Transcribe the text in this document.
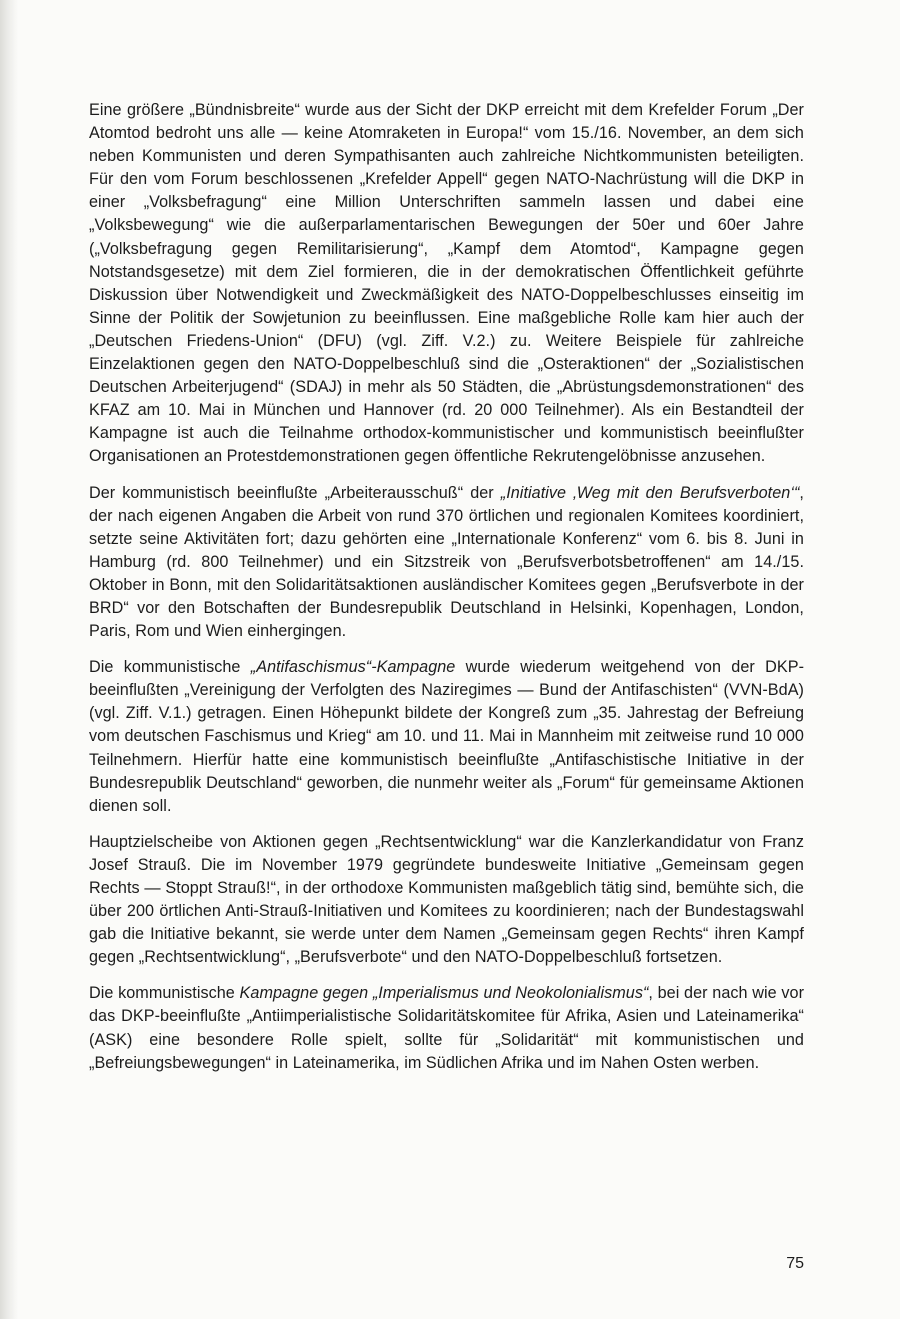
Eine größere „Bündnisbreite“ wurde aus der Sicht der DKP erreicht mit dem Krefelder Forum „Der Atomtod bedroht uns alle — keine Atomraketen in Europa!“ vom 15./16. November, an dem sich neben Kommunisten und deren Sympathisanten auch zahlreiche Nichtkommunisten beteiligten. Für den vom Forum beschlossenen „Krefelder Appell“ gegen NATO-Nachrüstung will die DKP in einer „Volksbefragung“ eine Million Unterschriften sammeln lassen und dabei eine „Volksbewegung“ wie die außerparlamentarischen Bewegungen der 50er und 60er Jahre („Volksbefragung gegen Remilitarisierung“, „Kampf dem Atomtod“, Kampagne gegen Notstandsgesetze) mit dem Ziel formieren, die in der demokratischen Öffentlichkeit geführte Diskussion über Notwendigkeit und Zweckmäßigkeit des NATO-Doppelbeschlusses einseitig im Sinne der Politik der Sowjetunion zu beeinflussen. Eine maßgebliche Rolle kam hier auch der „Deutschen Friedens-Union“ (DFU) (vgl. Ziff. V.2.) zu. Weitere Beispiele für zahlreiche Einzelaktionen gegen den NATO-Doppelbeschluß sind die „Osteraktionen“ der „Sozialistischen Deutschen Arbeiterjugend“ (SDAJ) in mehr als 50 Städten, die „Abrüstungsdemonstrationen“ des KFAZ am 10. Mai in München und Hannover (rd. 20 000 Teilnehmer). Als ein Bestandteil der Kampagne ist auch die Teilnahme orthodox-kommunistischer und kommunistisch beeinflußter Organisationen an Protestdemonstrationen gegen öffentliche Rekrutengelöbnisse anzusehen.

Der kommunistisch beeinflußte „Arbeiterausschuß“ der „Initiative ‚Weg mit den Berufsverboten‘“, der nach eigenen Angaben die Arbeit von rund 370 örtlichen und regionalen Komitees koordiniert, setzte seine Aktivitäten fort; dazu gehörten eine „Internationale Konferenz“ vom 6. bis 8. Juni in Hamburg (rd. 800 Teilnehmer) und ein Sitzstreik von „Berufsverbotsbetroffenen“ am 14./15. Oktober in Bonn, mit den Solidaritätsaktionen ausländischer Komitees gegen „Berufsverbote in der BRD“ vor den Botschaften der Bundesrepublik Deutschland in Helsinki, Kopenhagen, London, Paris, Rom und Wien einhergingen.

Die kommunistische „Antifaschismus“-Kampagne wurde wiederum weitgehend von der DKP-beeinflußten „Vereinigung der Verfolgten des Naziregimes — Bund der Antifaschisten“ (VVN-BdA) (vgl. Ziff. V.1.) getragen. Einen Höhepunkt bildete der Kongreß zum „35. Jahrestag der Befreiung vom deutschen Faschismus und Krieg“ am 10. und 11. Mai in Mannheim mit zeitweise rund 10 000 Teilnehmern. Hierfür hatte eine kommunistisch beeinflußte „Antifaschistische Initiative in der Bundesrepublik Deutschland“ geworben, die nunmehr weiter als „Forum“ für gemeinsame Aktionen dienen soll.

Hauptzielscheibe von Aktionen gegen „Rechtsentwicklung“ war die Kanzlerkandidatur von Franz Josef Strauß. Die im November 1979 gegründete bundesweite Initiative „Gemeinsam gegen Rechts — Stoppt Strauß!“, in der orthodoxe Kommunisten maßgeblich tätig sind, bemühte sich, die über 200 örtlichen Anti-Strauß-Initiativen und Komitees zu koordinieren; nach der Bundestagswahl gab die Initiative bekannt, sie werde unter dem Namen „Gemeinsam gegen Rechts“ ihren Kampf gegen „Rechtsentwicklung“, „Berufsverbote“ und den NATO-Doppelbeschluß fortsetzen.

Die kommunistische Kampagne gegen „Imperialismus und Neokolonialismus“, bei der nach wie vor das DKP-beeinflußte „Antiimperialistische Solidaritätskomitee für Afrika, Asien und Lateinamerika“ (ASK) eine besondere Rolle spielt, sollte für „Solidarität“ mit kommunistischen und „Befreiungsbewegungen“ in Lateinamerika, im Südlichen Afrika und im Nahen Osten werben.

75
